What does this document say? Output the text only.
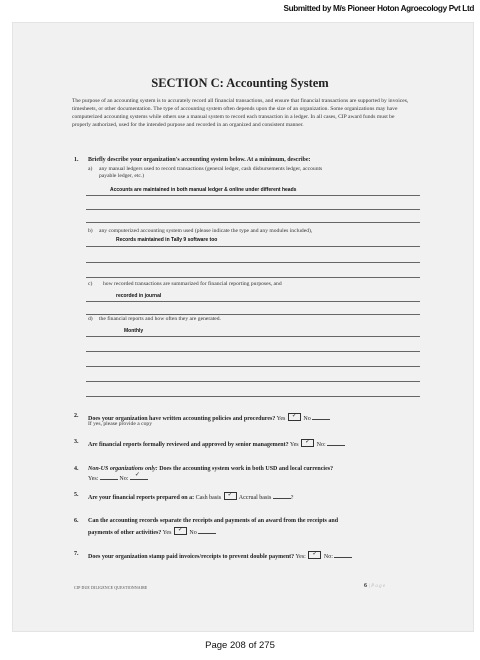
Submitted by M/s Pioneer Hoton Agroecology Pvt Ltd
SECTION C: Accounting System
The purpose of an accounting system is to accurately record all financial transactions, and ensure that financial transactions are supported by invoices, timesheets, or other documentation. The type of accounting system often depends upon the size of an organization. Some organizations may have computerized accounting systems while others use a manual system to record each transaction in a ledger. In all cases, CIP award funds must be properly authorized, used for the intended purpose and recorded in an organized and consistent manner.
1. Briefly describe your organization's accounting system below. At a minimum, describe:
a) any manual ledgers used to record transactions (general ledger, cash disbursements ledger, accounts
payable ledger, etc.)
Accounts are maintained in both manual ledger & online under different heads
b) any computerized accounting system used (please indicate the type and any modules included),
Records maintained in Tally 9 software too
c) how recorded transactions are summarized for financial reporting purposes, and
recorded in journal
d) the financial reports and how often they are generated.
Monthly
2. Does your organization have written accounting policies and procedures? Yes ✓ No
If yes, please provide a copy
3. Are financial reports formally reviewed and approved by senior management? Yes ✓ No:
4. Non-US organizations only: Does the accounting system work in both USD and local currencies?
Yes:	No:
✓
5. Are your financial reports prepared on a: Cash basis ✓ Accrual basis	?
6. Can the accounting records separate the receipts and payments of an award from the receipts and
payments of other activities? Yes ✓ No
7. Does your organization stamp paid invoices/receipts to prevent double payment? Yes: ✓ No:
CIP DUE DILIGENCE QUESTIONNAIRE	6 | P a g e
Page 208 of 275
